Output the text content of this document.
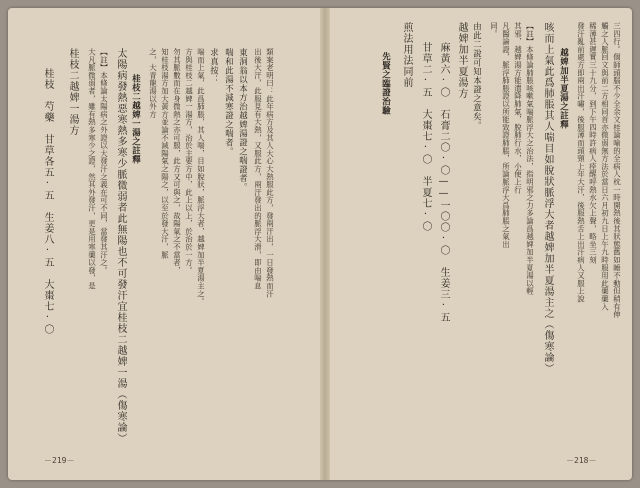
類案老明曰：此年病方及其人大心大熱服此方，發兩汗出，一日發熱而汗
出後大汗，此服見有大熱，又服此方，兩汗發出的脈浮大滑，即由喘息
東洞翁以本方治越婢湯證之喘證者。
喘和此湯不減寒證之喘者。
求真按：
喘而上氣，此爲肺脹，其人喘，目如脫狀，脈浮大者，越婢加半夏湯主之。
方與桂枝二越婢一湯方，治於主要方中，此上以上，於治於一方。
勿其脈數而在身微熱之亦可服，此方又可與之，故陽氣之不當者，
知桂枝湯方加大黃方並論不減陽氣之陽之，以至於發大汗，脈
之，大青龍湯以外方
桂枝二越婢一湯之註釋
太陽病發熱惡寒熱多寒少脈微弱者此無陽也不可發汗宜桂枝二越婢一湯（傷寒論）
【註】本條論太陽病之外證以大發汗之義在可不同，當發其汗之。
大凡脈微弱者，雖有熱多寒少之證，然其外發汗，更是用寒藥以發，是
桂枝二越婢一湯方
桂枝　芍藥　甘草各五·五　生姜八·五　大棗七·〇
－219－
三四行。個師頭腦不少全余文桂論喻的全病人枕一時開熱後其狀態舊如睡不動但稍有伸
觸之人脈回文與前二方相同首亦微弱無方法於當日六月初九日上午九時服用此藥藥入
稀薄甚遲實三十九分，到下午四時許病人痊醒呼熱水欠上聲，略坐三刻
發汗亂前處方即兩出汗嘯，後服薄而頭頸上年大汗，後服熱舌上出汗病人又服上說
越婢加半夏湯之註釋
咳而上氣此爲肺脹其人喘目如脫狀脈浮大者越婢加半夏湯主之（傷寒論）
【註】本條論肺脹咳嗽氣喘脈浮大之治法，指明邪之力多論爲越婢加半夏湯以輕
其邪，越婢湯方能遣降肺氣，脫肺行水，小便上行
凡醫論證，脈浮肺脹證以所能致證肺脹，所論脈浮大爲肺脹之氣出
同。
由此二說可知本證之意矣。
越婢加半夏湯方
麻黃六·〇　石膏二〇·〇——一〇〇·〇　生姜三·五
甘草二·五　大棗七·〇　半夏七·〇
煎法用法同前
先賢之臨證治驗
－218－
